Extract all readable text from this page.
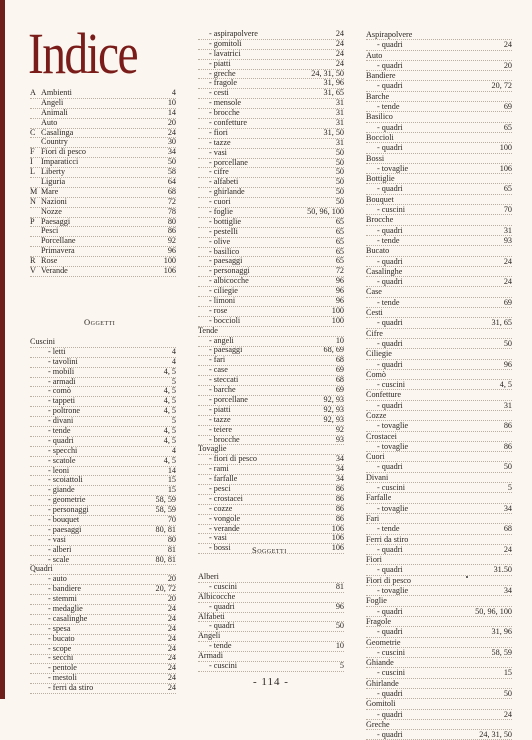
Indice
A Ambienti	4
Angeli	10
Animali	14
Auto	20
C Casalinga	24
Country	30
F Fiori di pesco	34
I Imparaticci	50
L Liberty	58
Liguria	64
M Mare	68
N Nazioni	72
Nozze	78
P Paesaggi	80
Pesci	86
Porcellane	92
Primavera	96
R Rose	100
V Verande	106
Cuscini
- letti	4
- tavolini	4
- mobili	4, 5
- armadi	5
- comò	4, 5
- tappeti	4, 5
- poltrone	4, 5
- divani	5
- tende	4, 5
- quadri	4, 5
- specchi	4
- scatole	4, 5
- leoni	14
- scoiattoli	15
- giande	15
- geometrie	58, 59
- personaggi	58, 59
- bouquet	70
- paesaggi	80, 81
- vasi	80
- alberi	81
- scale	80, 81
Quadri
- auto	20
- bandiere	20, 72
- stemmi	20
- medaglie	24
- casalinghe	24
- spesa	24
- bucato	24
- scope	24
- secchi	24
- pentole	24
- mestoli	24
- ferri da stiro	24
Oggetti
- aspirapolvere	24
- gomitoli	24
- lavatrici	24
- piatti	24
- greche	24, 31, 50
- fragole	31, 96
- cesti	31, 65
- mensole	31
- brocche	31
- confetture	31
- fiori	31, 50
- tazze	31
- vasi	50
- porcellane	50
- cifre	50
- alfabeti	50
- ghirlande	50
- cuori	50
- foglie	50, 96, 100
- bottiglie	65
- pesteIli	65
- olive	65
- basilico	65
- paesaggi	65
- personaggi	72
- albicocche	96
- ciliegie	96
- limoni	96
- rose	100
- boccioli	100
Tende
- angeli	10
- paesaggi	68, 69
- fari	68
- case	69
- steccati	68
- barche	69
- porcellane	92, 93
- piatti	92, 93
- tazze	92, 93
- teiere	92
- brocche	93
Tovaglie
- fiori di pesco	34
- rami	34
- farfalle	34
- pesci	86
- crostacei	86
- cozze	86
- vongole	86
- verande	106
- vasi	106
- bossi	106
Alberi
- cuscini	81
Albicocche
- quadri	96
Alfabeti
- quadri	50
Angeli
- tende	10
Armadi
- cuscini	5
Soggetti
Aspirapolvere
- quadri	24
Auto
- quadri	20
Bandiere
- quadri	20, 72
Barche
- tende	69
Basilico
- quadri	65
Boccioli
- quadri	100
Bossi
- tovaglie	106
Bottiglie
- quadri	65
Bouquet
- cuscini	70
Brocche
- quadri	31
- tende	93
Bucato
- quadri	24
Casalinghe
- quadri	24
Case
- tende	69
Cesti
- quadri	31, 65
Cifre
- quadri	50
Ciliegie
- quadri	96
Comò
- cuscini	4, 5
Confetture
- quadri	31
Cozze
- tovaglie	86
Crostacei
- tovaglie	86
Cuori
- quadri	50
Divani
- cuscini	5
Farfalle
- tovaglie	34
Fari
- tende	68
Ferri da stiro
- quadri	24
Fiori
- quadri	31.50
Fiori di pesco
- tovaglie	34
Foglie
- quadri	50, 96, 100
Fragole
- quadri	31, 96
Geometrie
- cuscini	58, 59
Ghiande
- cuscini	15
Ghirlande
- quadri	50
Gomitoli
- quadri	24
Greche
- quadri	24, 31, 50
- 114 -
